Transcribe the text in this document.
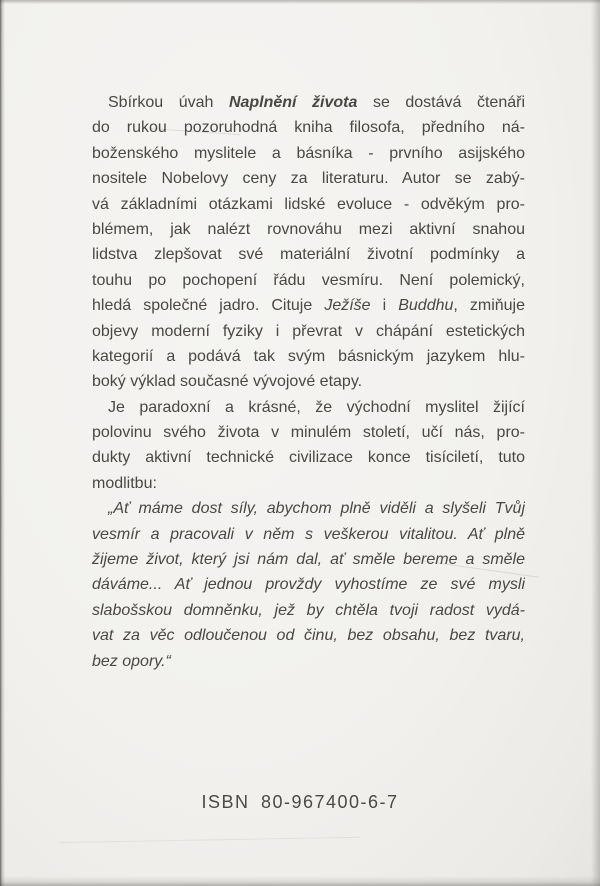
Sbírkou úvah Naplnění života se dostává čtenáři
do rukou pozoruhodná kniha filosofa, předního ná-
boženského myslitele a básníka - prvního asijského
nositele Nobelovy ceny za literaturu. Autor se zabý-
vá základními otázkami lidské evoluce - odvěkým pro-
blémem, jak nalézt rovnováhu mezi aktivní snahou
lidstva zlepšovat své materiální životní podmínky a
touhu po pochopení řádu vesmíru. Není polemický,
hledá společné jadro. Cituje Ježíše i Buddhu, zmiňuje
objevy moderní fyziky i převrat v chápání estetických
kategorií a podává tak svým básnickým jazykem hlu-
boký výklad současné vývojové etapy.
Je paradoxní a krásné, že východní myslitel žijící
polovinu svého života v minulém století, učí nás, pro-
dukty aktivní technické civilizace konce tisíciletí, tuto
modlitbu:
„Ať máme dost síly, abychom plně viděli a slyšeli Tvůj
vesmír a pracovali v něm s veškerou vitalitou. Ať plně
žijeme život, který jsi nám dal, ať směle bereme a směle
dáváme... Ať jednou provždy vyhostíme ze své mysli
slabošskou domněnku, jež by chtěla tvoji radost vydá-
vat za věc odloučenou od činu, bez obsahu, bez tvaru,
bez opory.“
ISBN 80-967400-6-7
